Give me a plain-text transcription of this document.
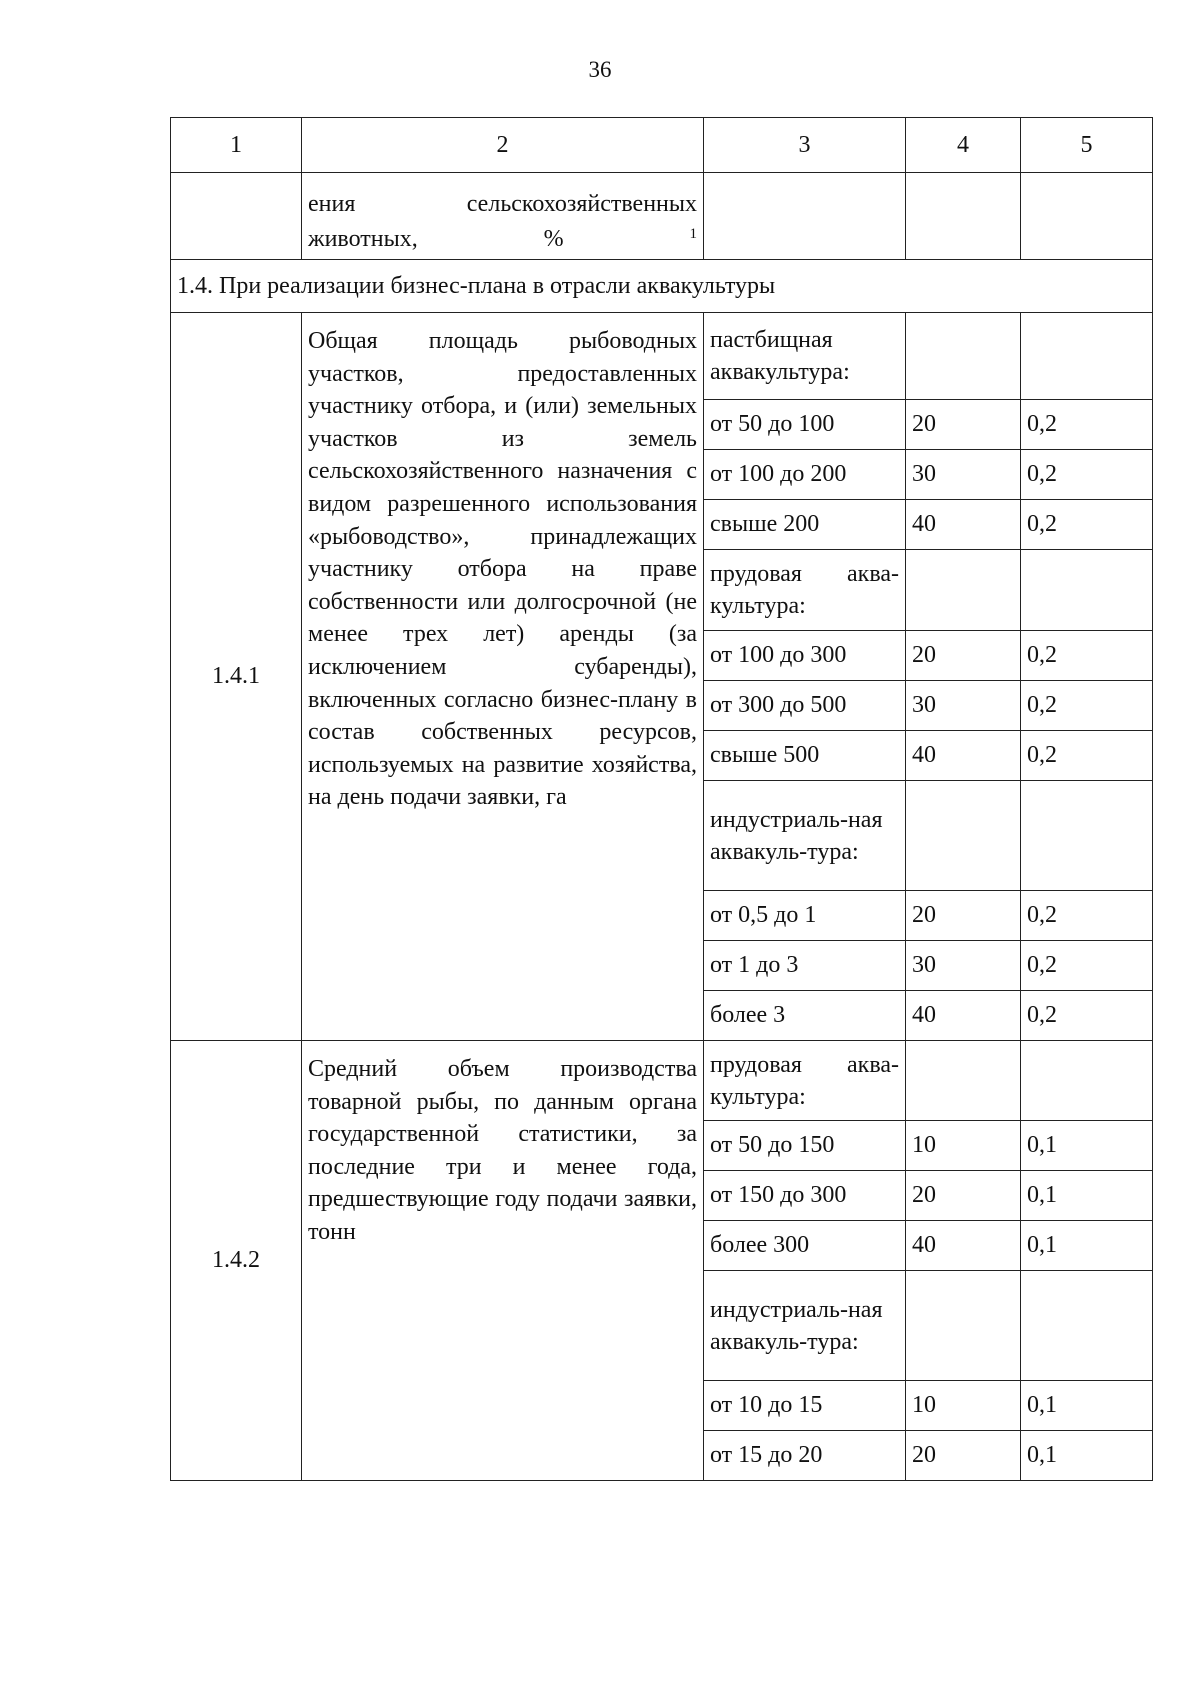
36
1	2	3	4	5
	ения сельскохозяйственных животных, % $^1$			
1.4. При реализации бизнес-плана в отрасли аквакультуры				
1.4.1	Общая площадь рыбоводных участков, предоставленных участнику отбора, и (или) земельных участков из земель сельскохозяйственного назначения с видом разрешенного использования «рыбоводство», принадлежащих участнику отбора на праве собственности или долгосрочной (не менее трех лет) аренды (за исключением субаренды), включенных согласно бизнес-плану в состав собственных ресурсов, используемых на развитие хозяйства, на день подачи заявки, га	пастбищная аквакультура:		
		от 50 до 100	20	0,2
		от 100 до 200	30	0,2
		свыше 200	40	0,2
		прудовая аква-культура:		
		от 100 до 300	20	0,2
		от 300 до 500	30	0,2
		свыше 500	40	0,2
		индустриаль-ная аквакуль-тура:		
		от 0,5 до 1	20	0,2
		от 1 до 3	30	0,2
		более 3	40	0,2
1.4.2	Средний объем производства товарной рыбы, по данным органа государственной статистики, за последние три и менее года, предшествующие году подачи заявки, тонн	прудовая аква-культура:		
		от 50 до 150	10	0,1
		от 150 до 300	20	0,1
		более 300	40	0,1
		индустриаль-ная аквакуль-тура:		
		от 10 до 15	10	0,1
		от 15 до 20	20	0,1
